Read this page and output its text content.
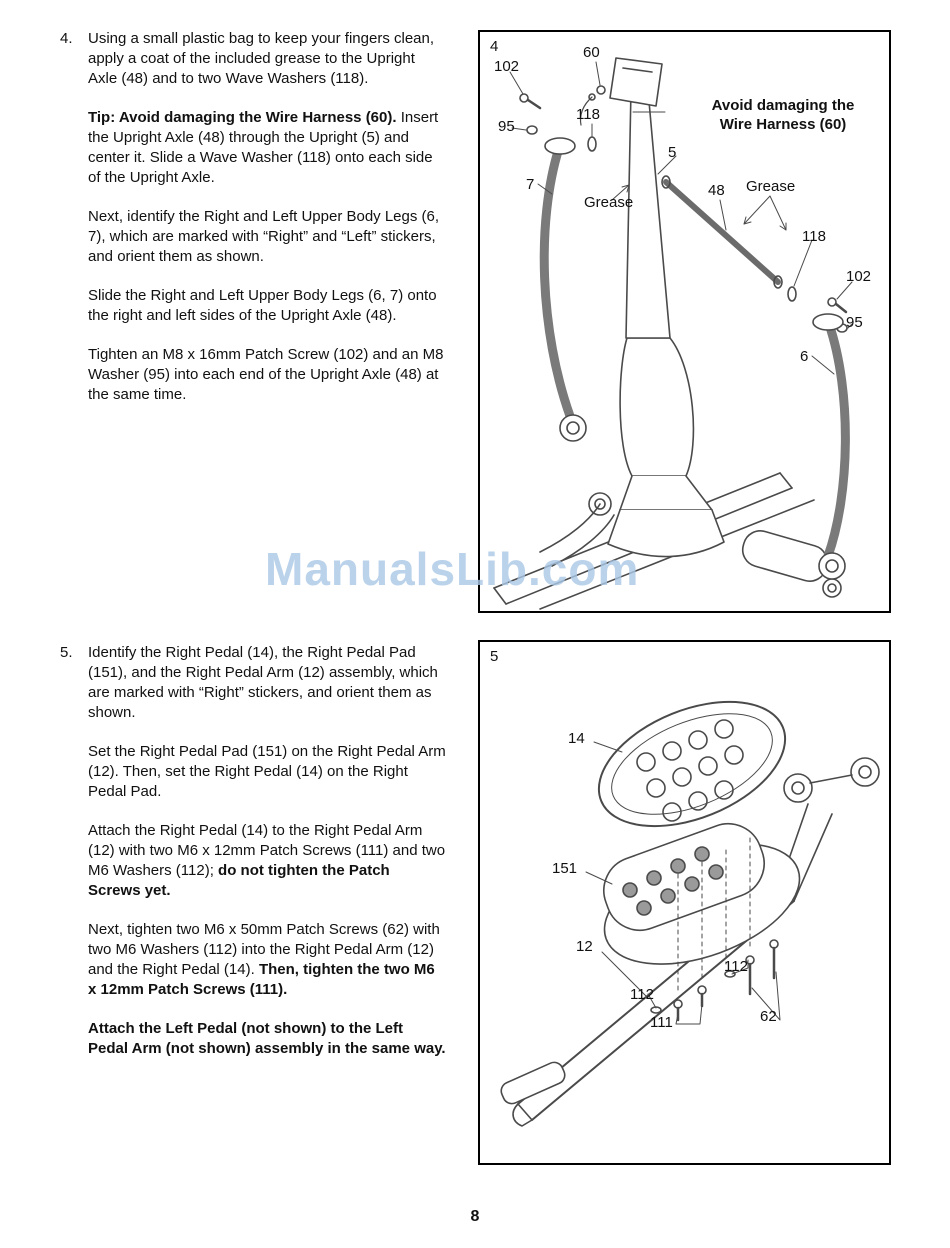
4.	Using a small plastic bag to keep your fingers clean, apply a coat of the included grease to the Upright Axle (48) and to two Wave Washers (118).

Tip: Avoid damaging the Wire Harness (60). Insert the Upright Axle (48) through the Upright (5) and center it. Slide a Wave Washer (118) onto each side of the Upright Axle.

Next, identify the Right and Left Upper Body Legs (6, 7), which are marked with “Right” and “Left” stickers, and orient them as shown.

Slide the Right and Left Upper Body Legs (6, 7) onto the right and left sides of the Upright Axle (48).

Tighten an M8 x 16mm Patch Screw (102) and an M8 Washer (95) into each end of the Upright Axle (48) at the same time.

5.	Identify the Right Pedal (14), the Right Pedal Pad (151), and the Right Pedal Arm (12) assembly, which are marked with “Right” stickers, and orient them as shown.

Set the Right Pedal Pad (151) on the Right Pedal Arm (12). Then, set the Right Pedal (14) on the Right Pedal Pad.

Attach the Right Pedal (14) to the Right Pedal Arm (12) with two M6 x 12mm Patch Screws (111) and two M6 Washers (112); do not tighten the Patch Screws yet.

Next, tighten two M6 x 50mm Patch Screws (62) with two M6 Washers (112) into the Right Pedal Arm (12) and the Right Pedal (14). Then, tighten the two M6 x 12mm Patch Screws (111).

Attach the Left Pedal (not shown) to the Left Pedal Arm (not shown) assembly in the same way.

4
Avoid damaging the
Wire Harness (60)
102
95
60
118
5
7
Grease
48 Grease
118
102
95
6
5
14
151
12
112
112
111	62
ManualsLib.com
8
